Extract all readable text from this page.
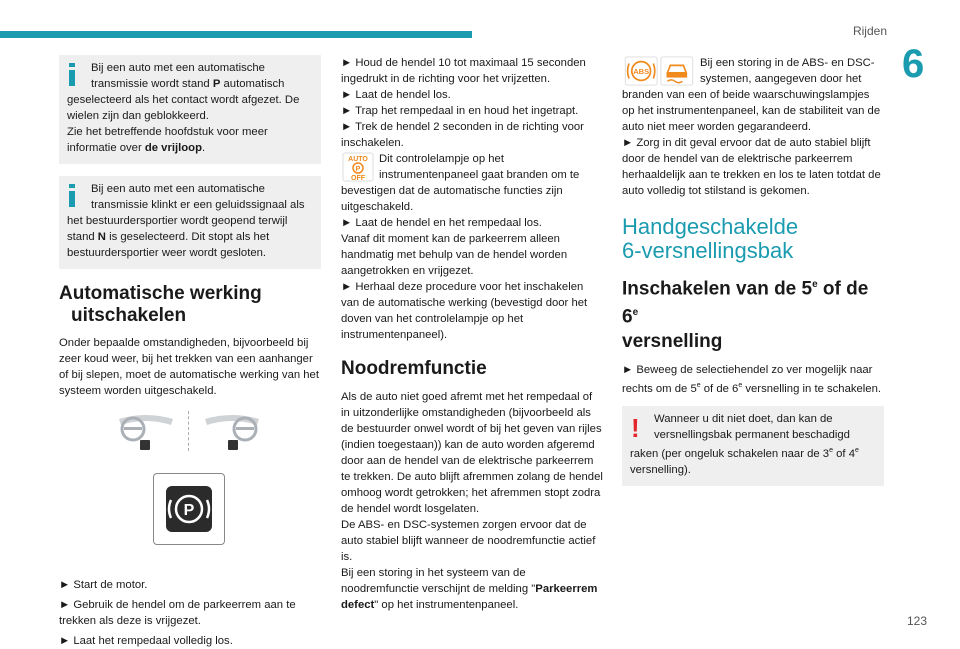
Rijden
6
123

Bij een auto met een automatische

transmissie wordt stand P automatisch

geselecteerd als het contact wordt afgezet. De wielen zijn dan geblokkeerd.

Zie het betreffende hoofdstuk voor meer

informatie over de vrijloop.

Bij een auto met een automatische

transmissie klinkt er een geluidssignaal als het bestuurdersportier wordt geopend terwijl

stand N is geselecteerd. Dit stopt als het bestuurdersportier weer wordt gesloten.

Automatische werking
uitschakelen

Onder bepaalde omstandigheden, bijvoorbeeld bij zeer koud weer, bij het trekken van een aanhanger of bij slepen, moet de automatische werking van het systeem worden uitgeschakeld.

P

► Start de motor.

► Gebruik de hendel om de parkeerrem aan te trekken als deze is vrijgezet.

► Laat het rempedaal volledig los.

► Houd de hendel 10 tot maximaal 15 seconden ingedrukt in de richting voor het vrijzetten.

► Laat de hendel los.

► Trap het rempedaal in en houd het ingetrapt.

► Trek de hendel 2 seconden in de richting voor inschakelen.

AUTO
P
OFF

Dit controlelampje op het instrumentenpaneel gaat branden om te bevestigen dat de automatische functies zijn uitgeschakeld.

► Laat de hendel en het rempedaal los.

Vanaf dit moment kan de parkeerrem alleen handmatig met behulp van de hendel worden aangetrokken en vrijgezet.

► Herhaal deze procedure voor het inschakelen van de automatische werking (bevestigd door het doven van het controlelampje op het instrumentenpaneel).

Noodremfunctie

Als de auto niet goed afremt met het rempedaal of in uitzonderlijke omstandigheden (bijvoorbeeld als de bestuurder onwel wordt of bij het geven van rijles (indien toegestaan)) kan de auto worden afgeremd door aan de hendel van de elektrische parkeerrem te trekken. De auto blijft afremmen zolang de hendel omhoog wordt getrokken; het afremmen stopt zodra de hendel wordt losgelaten.

De ABS- en DSC-systemen zorgen ervoor dat de auto stabiel blijft wanneer de noodremfunctie actief is.

Bij een storing in het systeem van de noodremfunctie verschijnt de melding "Parkeerrem defect" op het instrumentenpaneel.

ABS

Bij een storing in de ABS- en DSC-systemen, aangegeven door het branden van een of beide waarschuwingslampjes op het instrumentenpaneel, kan de stabiliteit van de auto niet meer worden gegarandeerd.

► Zorg in dit geval ervoor dat de auto stabiel blijft door de hendel van de elektrische parkeerrem herhaaldelijk aan te trekken en los te laten totdat de auto volledig tot stilstand is gekomen.

Handgeschakelde
6-versnellingsbak
Inschakelen van de 5e of de 6e
versnelling

► Beweeg de selectiehendel zo ver mogelijk naar rechts om de 5e of de 6e versnelling in te schakelen.

!	Wanneer u dit niet doet, dan kan de

versnellingsbak permanent beschadigd

raken (per ongeluk schakelen naar de 3e of 4e

versnelling).
